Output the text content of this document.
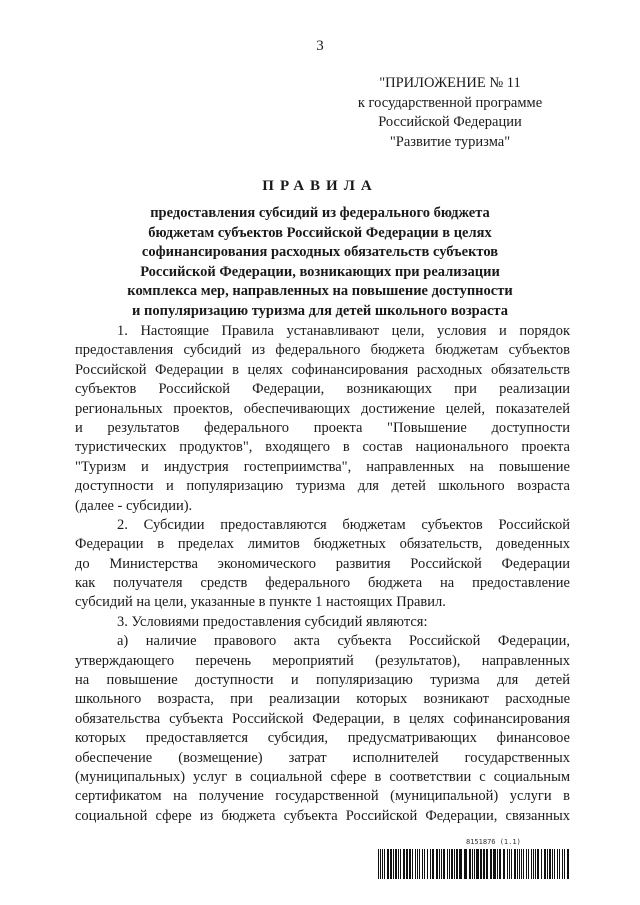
3
"ПРИЛОЖЕНИЕ № 11
к государственной программе
Российской Федерации
"Развитие туризма"
ПРАВИЛА
предоставления субсидий из федерального бюджета
бюджетам субъектов Российской Федерации в целях
софинансирования расходных обязательств субъектов
Российской Федерации, возникающих при реализации
комплекса мер, направленных на повышение доступности
и популяризацию туризма для детей школьного возраста
1. Настоящие Правила устанавливают цели, условия и порядок
предоставления субсидий из федерального бюджета бюджетам субъектов
Российской Федерации в целях софинансирования расходных обязательств
субъектов Российской Федерации, возникающих при реализации
региональных проектов, обеспечивающих достижение целей, показателей
и результатов федерального проекта "Повышение доступности
туристических продуктов", входящего в состав национального проекта
"Туризм и индустрия гостеприимства", направленных на повышение
доступности и популяризацию туризма для детей школьного возраста
(далее - субсидии).
2. Субсидии предоставляются бюджетам субъектов Российской
Федерации в пределах лимитов бюджетных обязательств, доведенных
до Министерства экономического развития Российской Федерации
как получателя средств федерального бюджета на предоставление
субсидий на цели, указанные в пункте 1 настоящих Правил.
3. Условиями предоставления субсидий являются:
а) наличие правового акта субъекта Российской Федерации,
утверждающего перечень мероприятий (результатов), направленных
на повышение доступности и популяризацию туризма для детей
школьного возраста, при реализации которых возникают расходные
обязательства субъекта Российской Федерации, в целях софинансирования
которых предоставляется субсидия, предусматривающих финансовое
обеспечение (возмещение) затрат исполнителей государственных
(муниципальных) услуг в социальной сфере в соответствии с социальным
сертификатом на получение государственной (муниципальной) услуги в
социальной сфере из бюджета субъекта Российской Федерации, связанных
8151876 (1.1)
